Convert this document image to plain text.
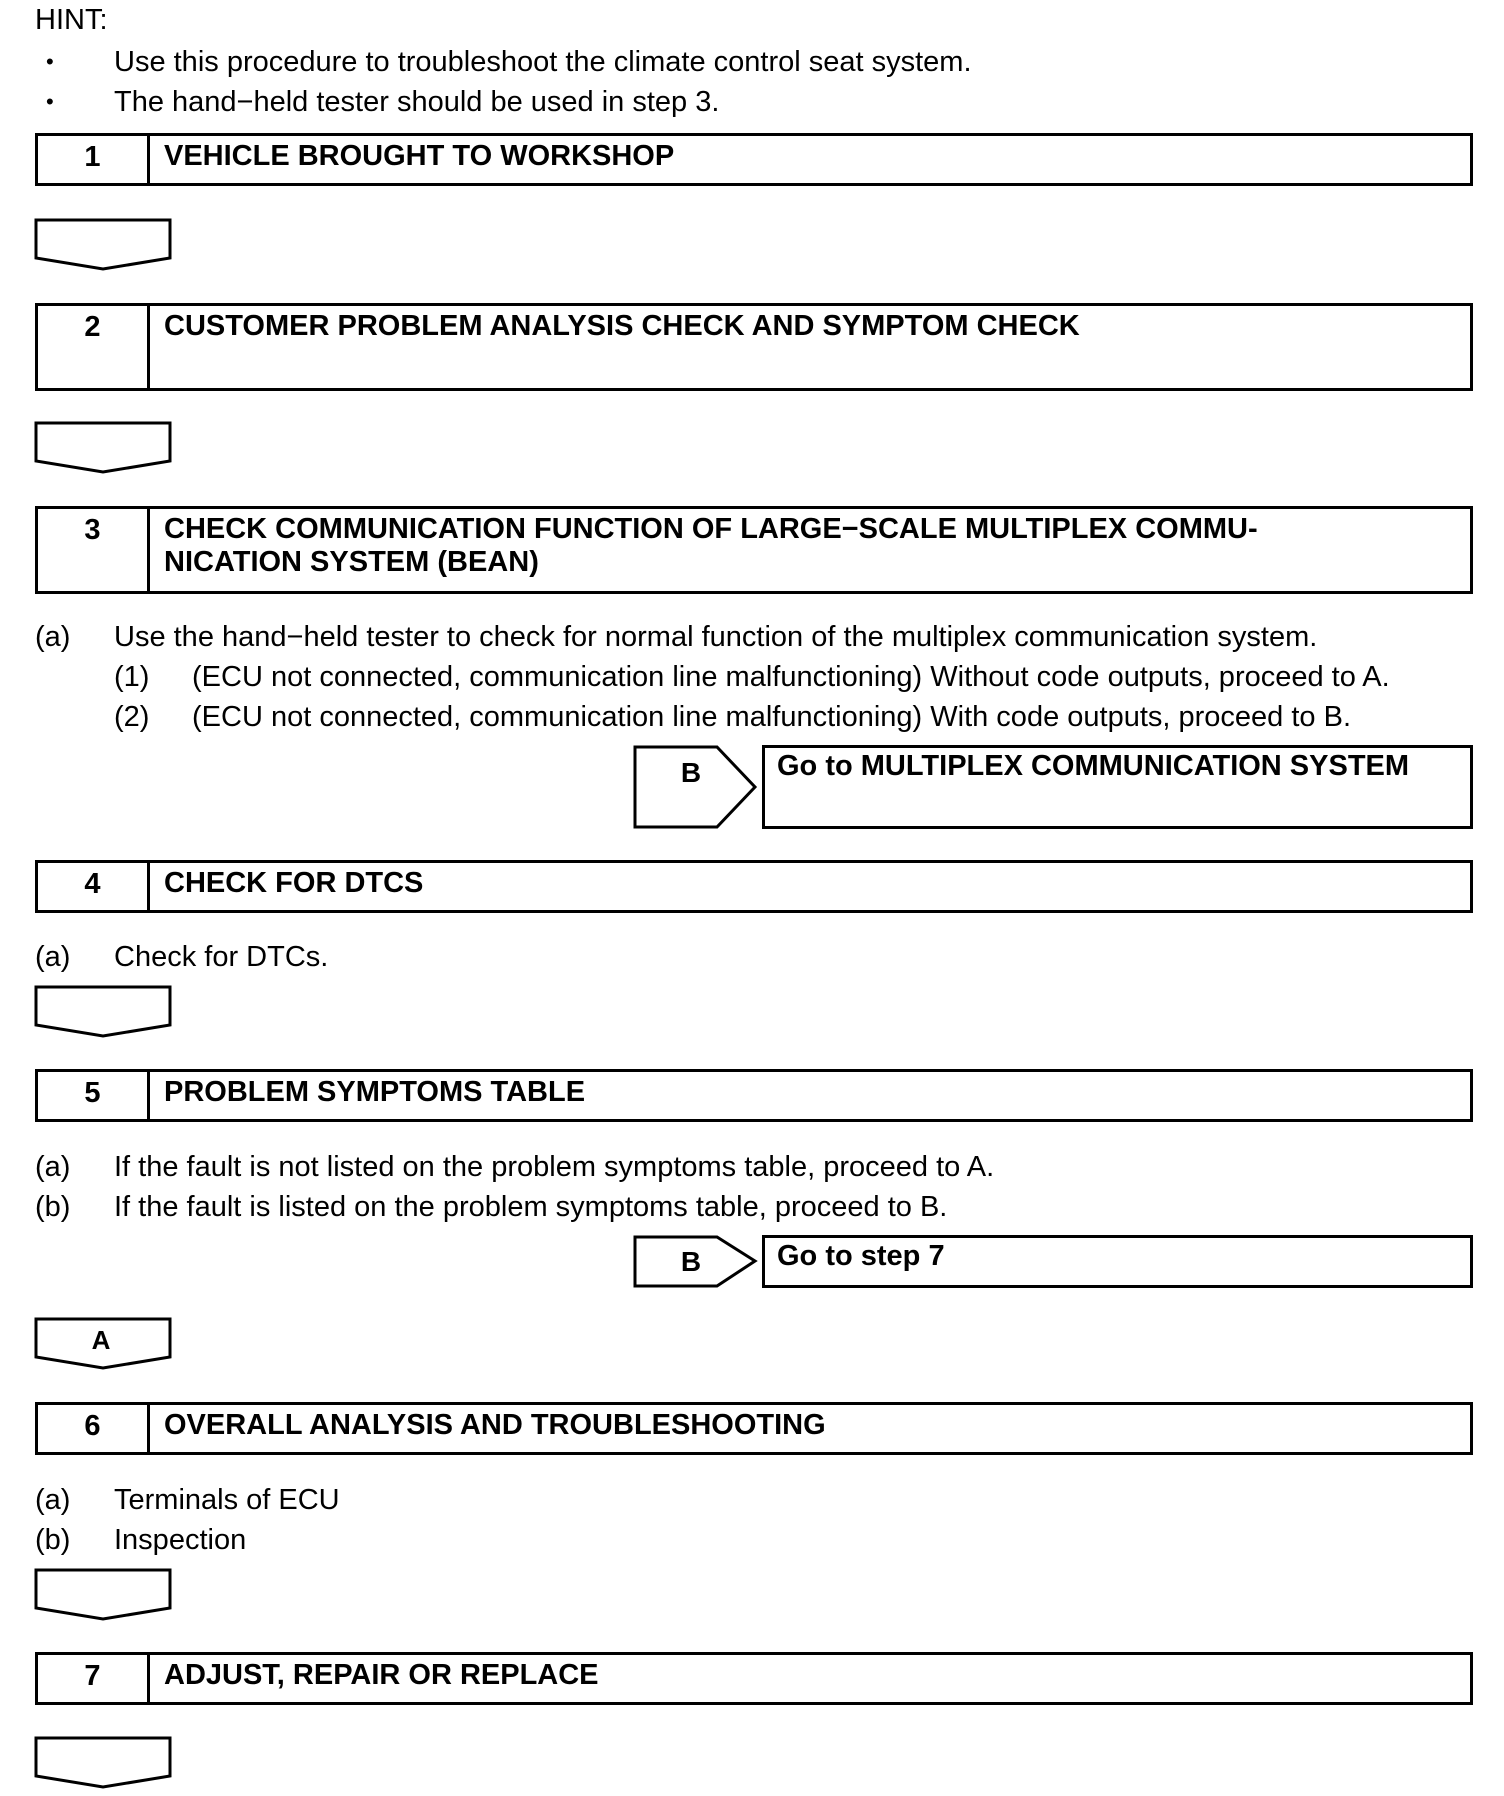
HINT:
• Use this procedure to troubleshoot the climate control seat system.
• The hand−held tester should be used in step 3.
1	VEHICLE BROUGHT TO WORKSHOP
2	CUSTOMER PROBLEM ANALYSIS CHECK AND SYMPTOM CHECK
3	CHECK COMMUNICATION FUNCTION OF LARGE−SCALE MULTIPLEX COMMU-
NICATION SYSTEM (BEAN)
(a) Use the hand−held tester to check for normal function of the multiplex communication system.
(1) (ECU not connected, communication line malfunctioning) Without code outputs, proceed to A.
(2) (ECU not connected, communication line malfunctioning) With code outputs, proceed to B.
B	Go to MULTIPLEX COMMUNICATION SYSTEM
4	CHECK FOR DTCS
(a) Check for DTCs.
5	PROBLEM SYMPTOMS TABLE
(a) If the fault is not listed on the problem symptoms table, proceed to A.
(b) If the fault is listed on the problem symptoms table, proceed to B.
B	Go to step 7
A
6	OVERALL ANALYSIS AND TROUBLESHOOTING
(a) Terminals of ECU
(b) Inspection
7	ADJUST, REPAIR OR REPLACE
